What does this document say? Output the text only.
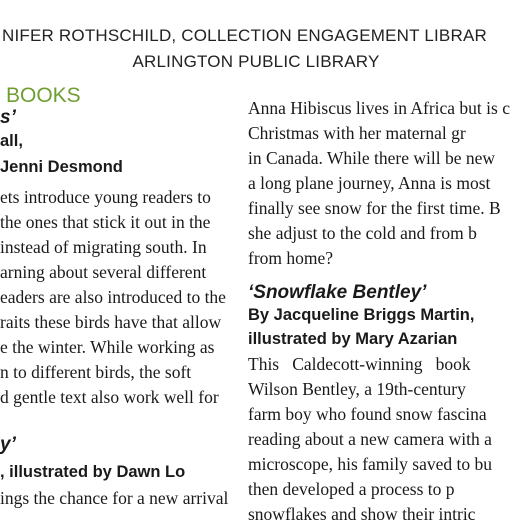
NIFER ROTHSCHILD, COLLECTION ENGAGEMENT LIBRAR
ARLINGTON PUBLIC LIBRARY
BOOKS
s’
all,
Jenni Desmond
ets introduce young readers to
the ones that stick it out in the
instead of migrating south. In
arning about several different
eaders are also introduced to the
raits these birds have that allow
e the winter. While working as
n to different birds, the soft
d gentle text also work well for
y’
, illustrated by Dawn Lo
ings the chance for a new arrival
Anna Hibiscus lives in Africa but is c
Christmas with her maternal gr
in Canada. While there will be new
a long plane journey, Anna is most
finally see snow for the first time. B
she adjust to the cold and from b
from home?
‘Snowflake Bentley’
By Jacqueline Briggs Martin,
illustrated by Mary Azarian
This   Caldecott-winning   book
Wilson Bentley, a 19th-century
farm boy who found snow fascina
reading about a new camera with a
microscope, his family saved to bu
then developed a process to p
snowflakes and show their intric
